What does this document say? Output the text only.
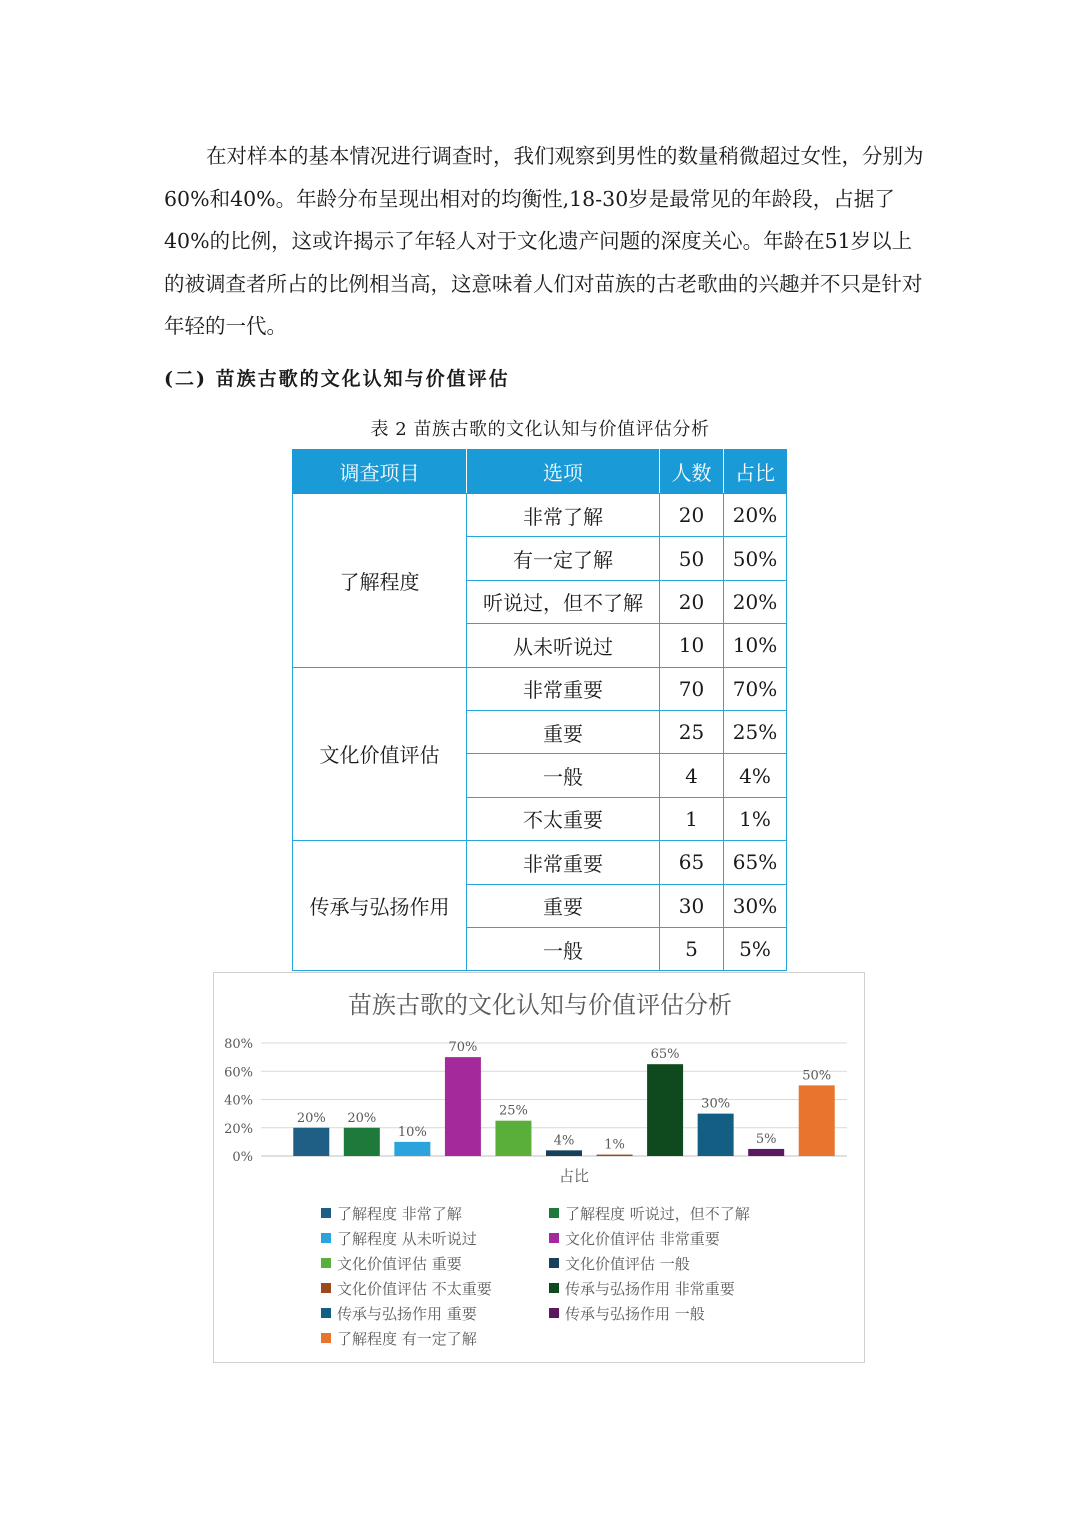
在对样本的基本情况进行调查时，我们观察到男性的数量稍微超过女性，分别为60%和40%。年龄分布呈现出相对的均衡性,18-30岁是最常见的年龄段，占据了40%的比例，这或许揭示了年轻人对于文化遗产问题的深度关心。年龄在51岁以上的被调查者所占的比例相当高，这意味着人们对苗族的古老歌曲的兴趣并不只是针对年轻的一代。

(二) 苗族古歌的文化认知与价值评估

表 2 苗族古歌的文化认知与价值评估分析

调查项目	选项	人数	占比
了解程度	非常了解	20	20%
	有一定了解	50	50%
	听说过，但不了解	20	20%
	从未听说过	10	10%
文化价值评估	非常重要	70	70%
	重要	25	25%
	一般	4	4%
	不太重要	1	1%
传承与弘扬作用	非常重要	65	65%
	重要	30	30%
	一般	5	5%

苗族古歌的文化认知与价值评估分析

0%
20%
40%
60%
80%
20% 20%
10%
70%
25%
4% 1%
65%
30%
5%
50%
占比
了解程度 非常了解	了解程度 听说过，但不了解
了解程度 从未听说过	文化价值评估 非常重要
文化价值评估 重要	文化价值评估 一般
文化价值评估 不太重要	传承与弘扬作用 非常重要
传承与弘扬作用 重要	传承与弘扬作用 一般
了解程度 有一定了解
